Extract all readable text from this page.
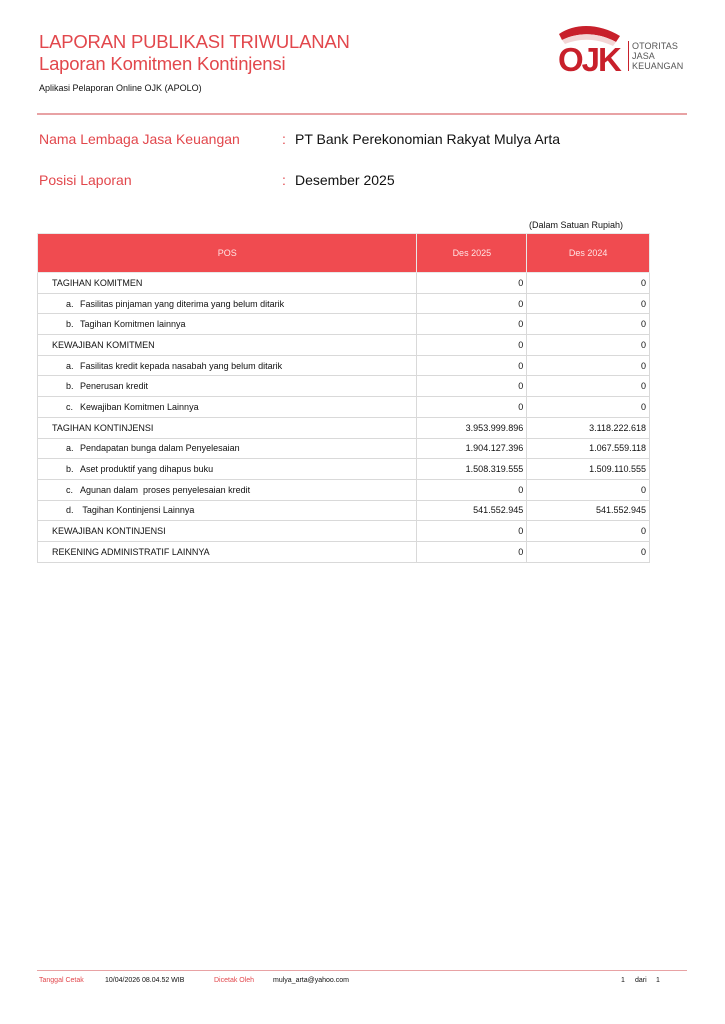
LAPORAN PUBLIKASI TRIWULANAN
Laporan Komitmen Kontinjensi
Aplikasi Pelaporan Online OJK (APOLO)
OJK OTORITAS
JASA
KEUANGAN
Nama Lembaga Jasa Keuangan	: PT Bank Perekonomian Rakyat Mulya Arta
Posisi Laporan	: Desember 2025
(Dalam Satuan Rupiah)
POS	Des 2025	Des 2024
TAGIHAN KOMITMEN	0	0
a. Fasilitas pinjaman yang diterima yang belum ditarik	0	0
b. Tagihan Komitmen lainnya	0	0
KEWAJIBAN KOMITMEN	0	0
a. Fasilitas kredit kepada nasabah yang belum ditarik	0	0
b. Penerusan kredit	0	0
c. Kewajiban Komitmen Lainnya	0	0
TAGIHAN KONTINJENSI	3.953.999.896	3.118.222.618
a. Pendapatan bunga dalam Penyelesaian	1.904.127.396	1.067.559.118
b. Aset produktif yang dihapus buku	1.508.319.555	1.509.110.555
c. Agunan dalam  proses penyelesaian kredit	0	0
d. Tagihan Kontinjensi Lainnya	541.552.945	541.552.945
KEWAJIBAN KONTINJENSI	0	0
REKENING ADMINISTRATIF LAINNYA	0	0
Tanggal Cetak	10/04/2026 08.04.52 WIB	Dicetak Oleh	mulya_arta@yahoo.com	1 dari 1
